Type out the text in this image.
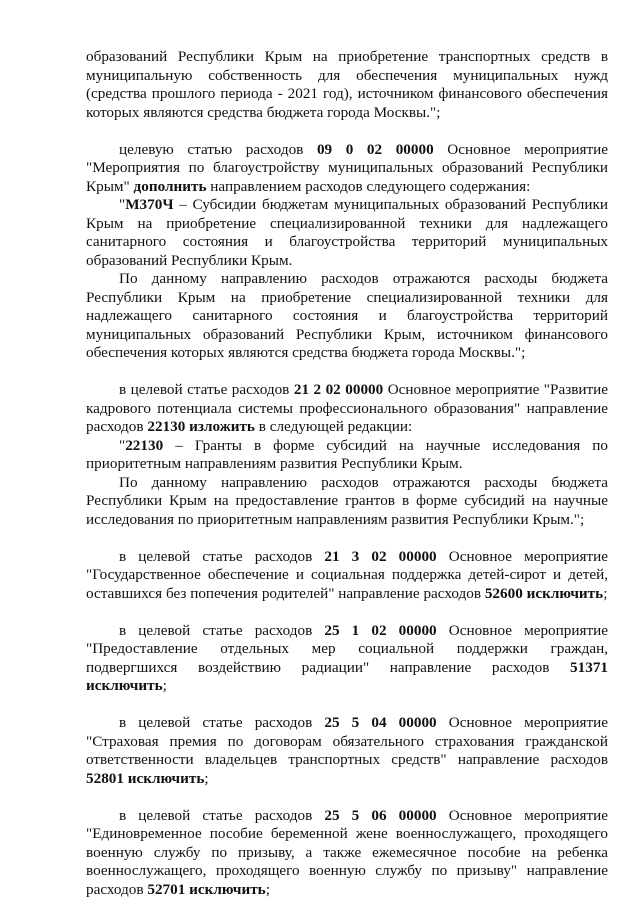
образований Республики Крым на приобретение транспортных средств в муниципальную собственность для обеспечения муниципальных нужд (средства прошлого периода - 2021 год), источником финансового обеспечения которых являются средства бюджета города Москвы.";

целевую статью расходов 09 0 02 00000 Основное мероприятие "Мероприятия по благоустройству муниципальных образований Республики Крым" дополнить направлением расходов следующего содержания:

"М370Ч – Субсидии бюджетам муниципальных образований Республики Крым на приобретение специализированной техники для надлежащего санитарного состояния и благоустройства территорий муниципальных образований Республики Крым.

По данному направлению расходов отражаются расходы бюджета Республики Крым на приобретение специализированной техники для надлежащего санитарного состояния и благоустройства территорий муниципальных образований Республики Крым, источником финансового обеспечения которых являются средства бюджета города Москвы.";

в целевой статье расходов 21 2 02 00000 Основное мероприятие "Развитие кадрового потенциала системы профессионального образования" направление расходов 22130 изложить в следующей редакции:

"22130 – Гранты в форме субсидий на научные исследования по приоритетным направлениям развития Республики Крым.

По данному направлению расходов отражаются расходы бюджета Республики Крым на предоставление грантов в форме субсидий на научные исследования по приоритетным направлениям развития Республики Крым.";

в целевой статье расходов 21 3 02 00000 Основное мероприятие "Государственное обеспечение и социальная поддержка детей-сирот и детей, оставшихся без попечения родителей" направление расходов 52600 исключить;

в целевой статье расходов 25 1 02 00000 Основное мероприятие "Предоставление отдельных мер социальной поддержки граждан, подвергшихся воздействию радиации" направление расходов 51371 исключить;

в целевой статье расходов 25 5 04 00000 Основное мероприятие "Страховая премия по договорам обязательного страхования гражданской ответственности владельцев транспортных средств" направление расходов 52801 исключить;

в целевой статье расходов 25 5 06 00000 Основное мероприятие "Единовременное пособие беременной жене военнослужащего, проходящего военную службу по призыву, а также ежемесячное пособие на ребенка военнослужащего, проходящего военную службу по призыву" направление расходов 52701 исключить;
